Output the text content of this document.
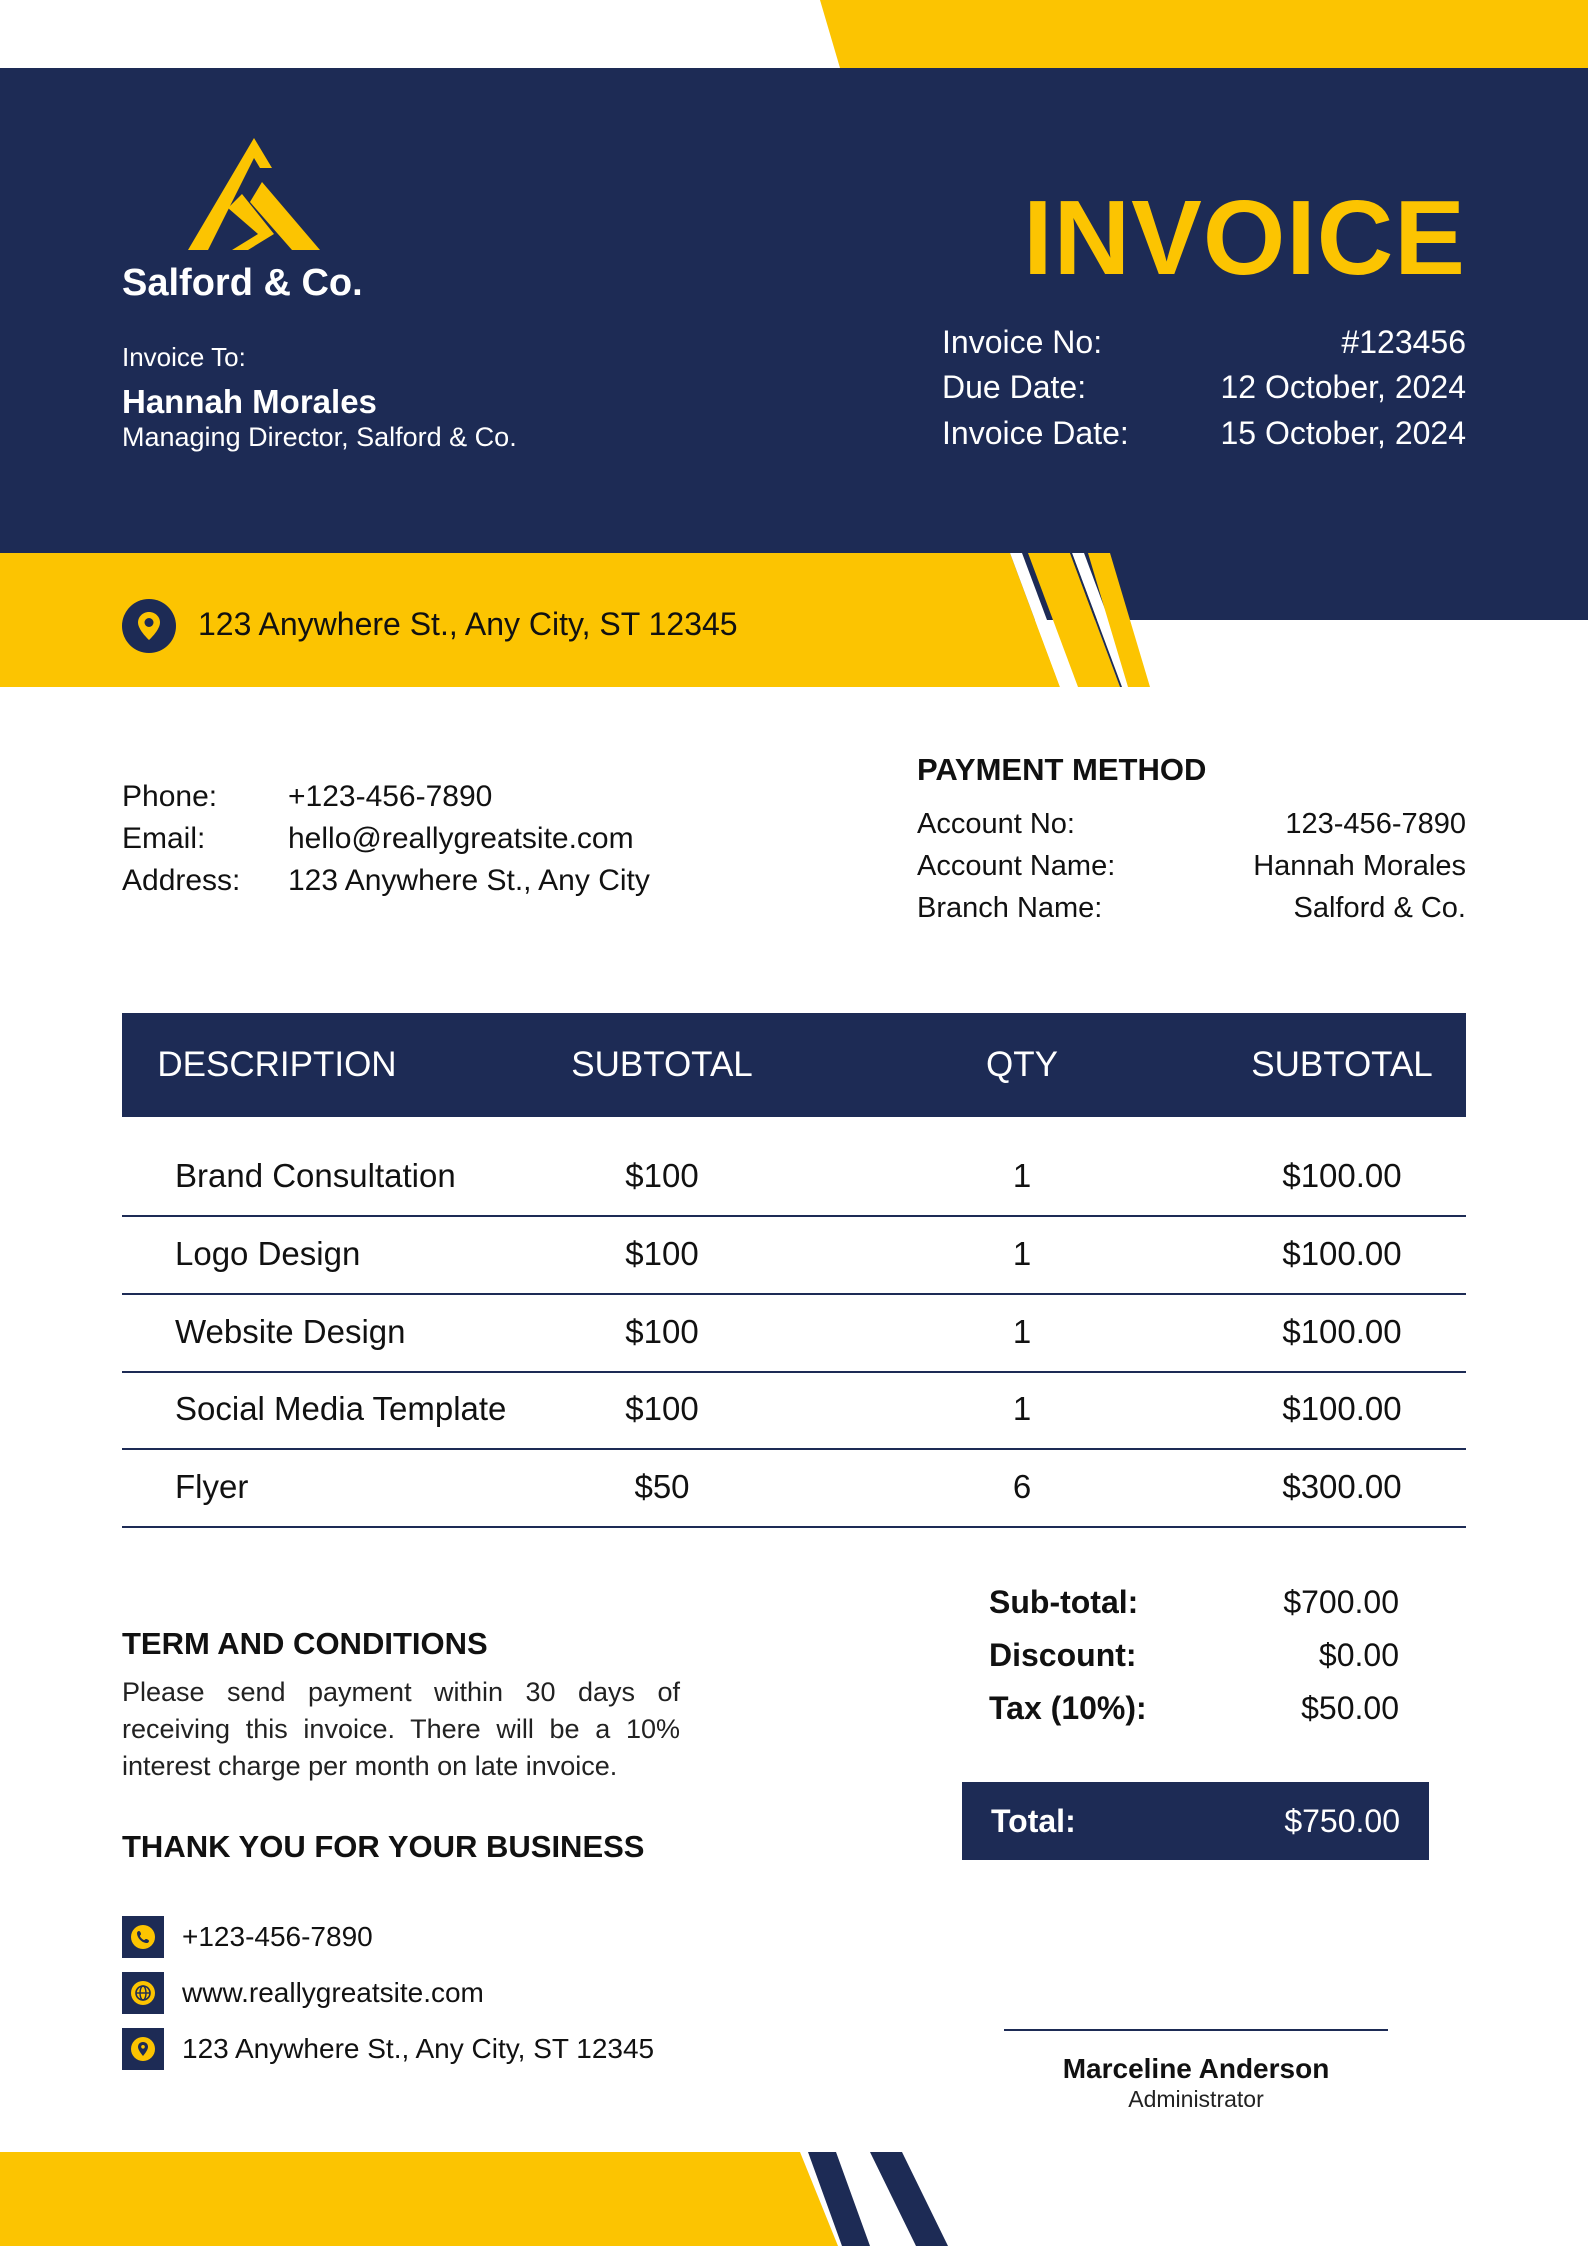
Salford & Co.
Invoice To:
Hannah Morales
Managing Director, Salford & Co.
INVOICE
Invoice No:	#123456
Due Date:	12 October, 2024
Invoice Date:	15 October, 2024
123 Anywhere St., Any City, ST 12345
Phone:	+123-456-7890
Email:	hello@reallygreatsite.com
Address:	123 Anywhere St., Any City
PAYMENT METHOD
Account No:	123-456-7890
Account Name:	Hannah Morales
Branch Name:	Salford & Co.
DESCRIPTION	SUBTOTAL	QTY	SUBTOTAL
Brand Consultation	$100	1	$100.00
Logo Design	$100	1	$100.00
Website Design	$100	1	$100.00
Social Media Template	$100	1	$100.00
Flyer	$50	6	$300.00
TERM AND CONDITIONS
Please send payment within 30 days of receiving this invoice. There will be a 10% interest charge per month on late invoice.
THANK YOU FOR YOUR BUSINESS
+123-456-7890
www.reallygreatsite.com
123 Anywhere St., Any City, ST 12345
Sub-total:	$700.00
Discount:	$0.00
Tax (10%):	$50.00
Total:	$750.00
Marceline Anderson
Administrator
